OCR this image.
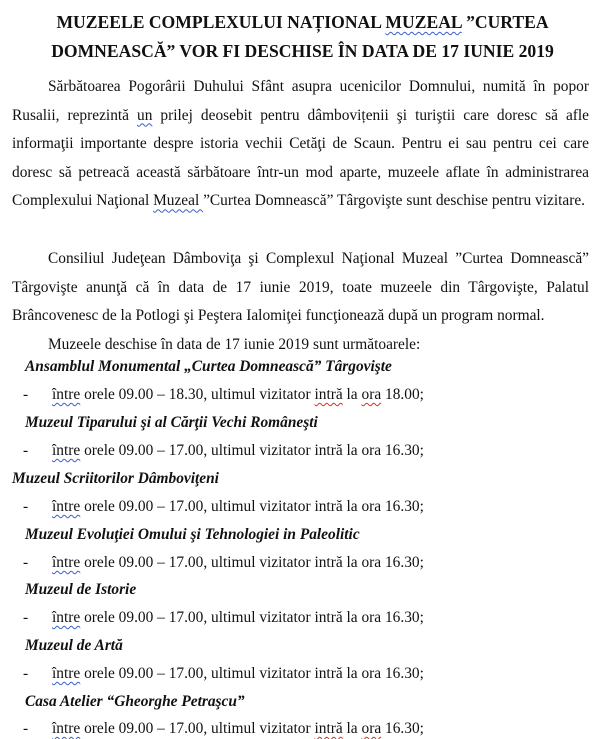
MUZEELE COMPLEXULUI NAȚIONAL MUZEAL ”CURTEA
DOMNEASCĂ” VOR FI DESCHISE ÎN DATA DE 17 IUNIE 2019

Sărbătoarea Pogorârii Duhului Sfânt asupra ucenicilor Domnului, numită în popor Rusalii, reprezintă un prilej deosebit pentru dâmbovițenii şi turiştii care doresc să afle informaţii importante despre istoria vechii Cetăţi de Scaun. Pentru ei sau pentru cei care doresc să petreacă această sărbătoare într-un mod aparte, muzeele aflate în administrarea Complexului Naţional Muzeal ”Curtea Domnească” Târgovişte sunt deschise pentru vizitare.

Consiliul Judeţean Dâmboviţa şi Complexul Naţional Muzeal ”Curtea Domnească” Târgovişte anunţă că în data de 17 iunie 2019, toate muzeele din Târgovişte, Palatul Brâncovenesc de la Potlogi şi Peştera Ialomiţei funcţionează după un program normal.

Muzeele deschise în data de 17 iunie 2019 sunt următoarele:

Ansamblul Monumental „Curtea Domnească” Târgovişte
- între orele 09.00 – 18.30, ultimul vizitator intră la ora 18.00;
Muzeul Tiparului şi al Cărţii Vechi Româneşti
- între orele 09.00 – 17.00, ultimul vizitator intră la ora 16.30;
Muzeul Scriitorilor Dâmboviţeni
- între orele 09.00 – 17.00, ultimul vizitator intră la ora 16.30;
Muzeul Evoluţiei Omului şi Tehnologiei in Paleolitic
- între orele 09.00 – 17.00, ultimul vizitator intră la ora 16.30;
Muzeul de Istorie
- între orele 09.00 – 17.00, ultimul vizitator intră la ora 16.30;
Muzeul de Artă
- între orele 09.00 – 17.00, ultimul vizitator intră la ora 16.30;
Casa Atelier “Gheorghe Petraşcu”
- între orele 09.00 – 17.00, ultimul vizitator intră la ora 16.30;
